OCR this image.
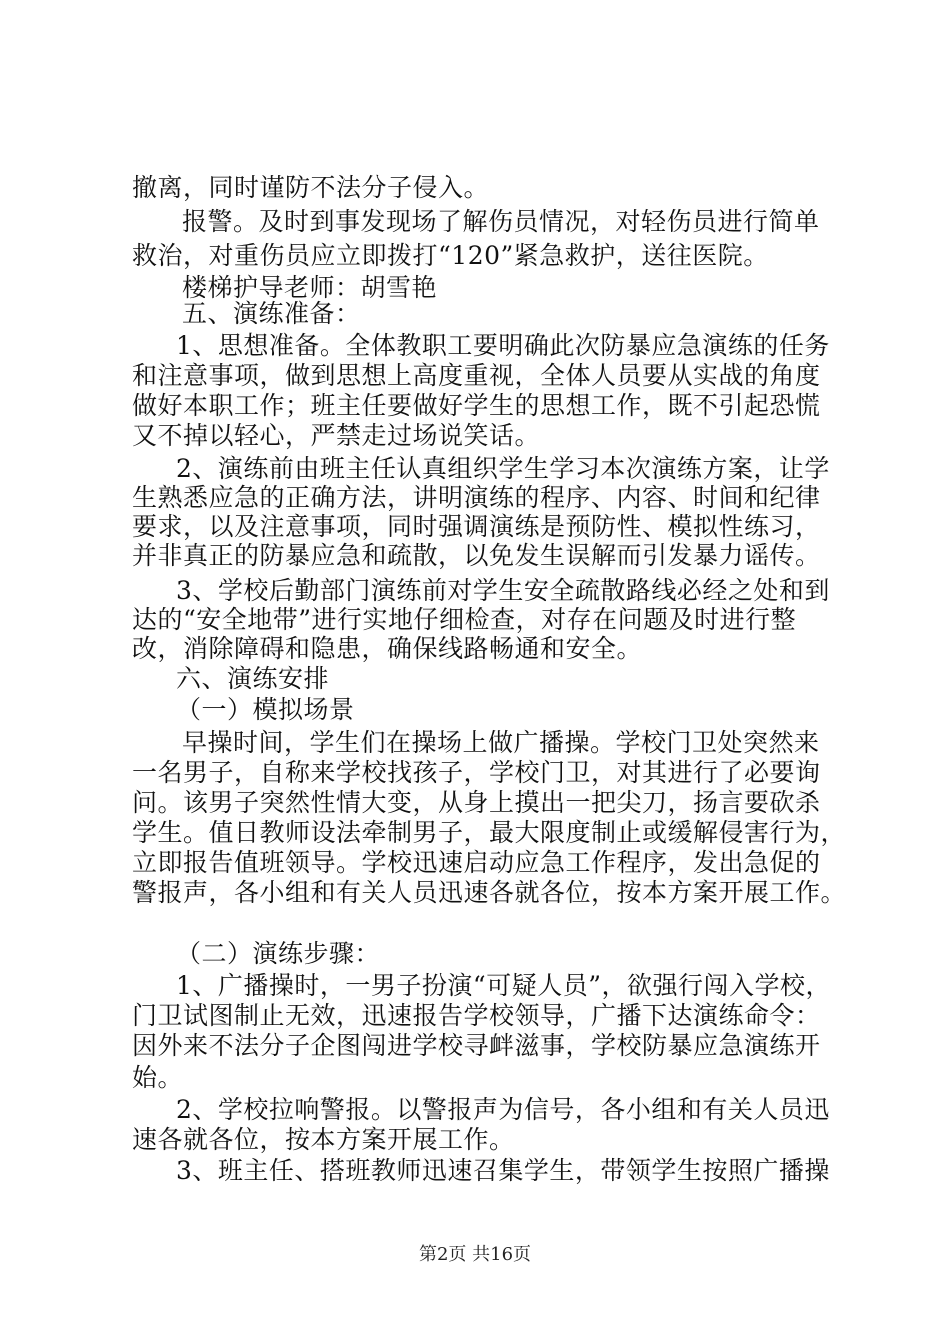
撤离，同时谨防不法分子侵入。
报警。及时到事发现场了解伤员情况，对轻伤员进行简单
救治，对重伤员应立即拨打“120”紧急救护，送往医院。
楼梯护导老师：胡雪艳
五、演练准备：
1、思想准备。全体教职工要明确此次防暴应急演练的任务
和注意事项，做到思想上高度重视，全体人员要从实战的角度
做好本职工作；班主任要做好学生的思想工作，既不引起恐慌
又不掉以轻心，严禁走过场说笑话。
2、演练前由班主任认真组织学生学习本次演练方案，让学
生熟悉应急的正确方法，讲明演练的程序、内容、时间和纪律
要求，以及注意事项，同时强调演练是预防性、模拟性练习，
并非真正的防暴应急和疏散，以免发生误解而引发暴力谣传。
3、学校后勤部门演练前对学生安全疏散路线必经之处和到
达的“安全地带”进行实地仔细检查，对存在问题及时进行整
改，消除障碍和隐患，确保线路畅通和安全。
六、演练安排
（一）模拟场景
早操时间，学生们在操场上做广播操。学校门卫处突然来
一名男子，自称来学校找孩子，学校门卫，对其进行了必要询
问。该男子突然性情大变，从身上摸出一把尖刀，扬言要砍杀
学生。值日教师设法牵制男子，最大限度制止或缓解侵害行为，
立即报告值班领导。学校迅速启动应急工作程序，发出急促的
警报声，各小组和有关人员迅速各就各位，按本方案开展工作。
（二）演练步骤：
1、广播操时，一男子扮演“可疑人员”，欲强行闯入学校，
门卫试图制止无效，迅速报告学校领导，广播下达演练命令：
因外来不法分子企图闯进学校寻衅滋事，学校防暴应急演练开
始。
2、学校拉响警报。以警报声为信号，各小组和有关人员迅
速各就各位，按本方案开展工作。
3、班主任、搭班教师迅速召集学生，带领学生按照广播操
第2页 共16页
